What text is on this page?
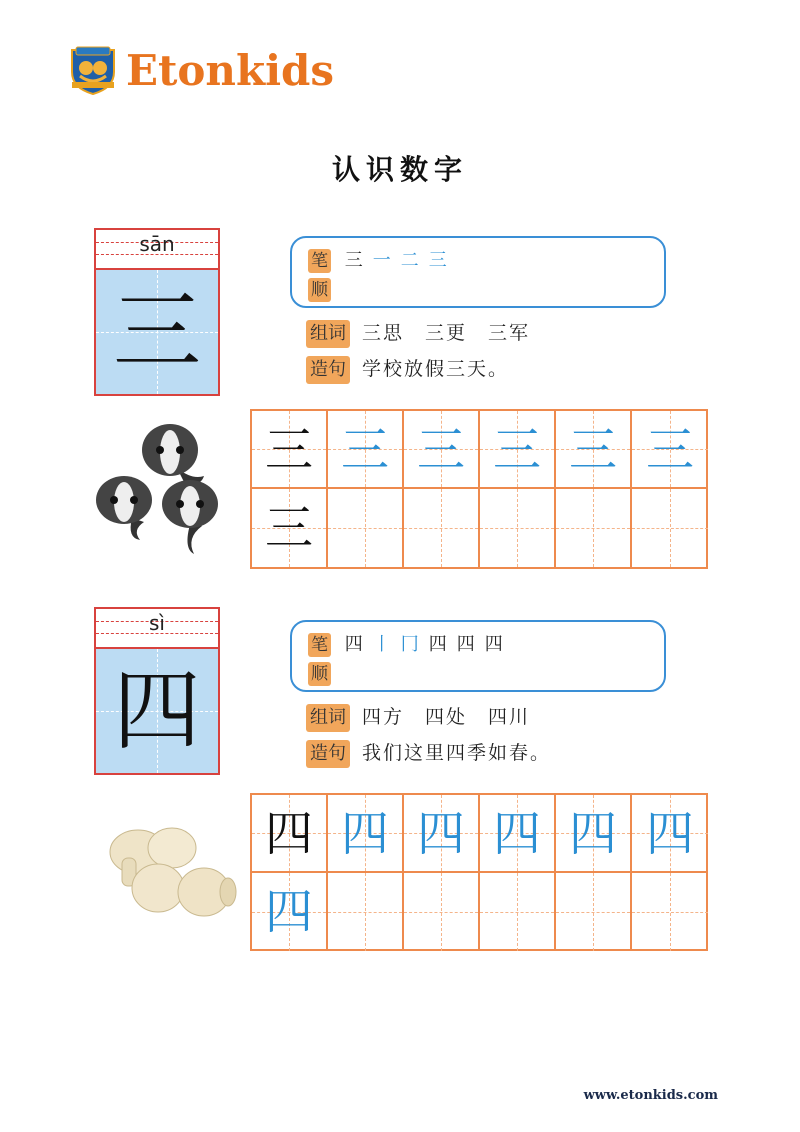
Etonkids
认识数字
sān
三
笔 三 一 二 三
顺
组词 三思　三更　三军
造句 学校放假三天。
三 三 三 三 三 三
三
sì
四
笔 四 丨 冂 四 四 四
顺
组词 四方　四处　四川
造句 我们这里四季如春。
四 四 四 四 四 四
四
www.etonkids.com
